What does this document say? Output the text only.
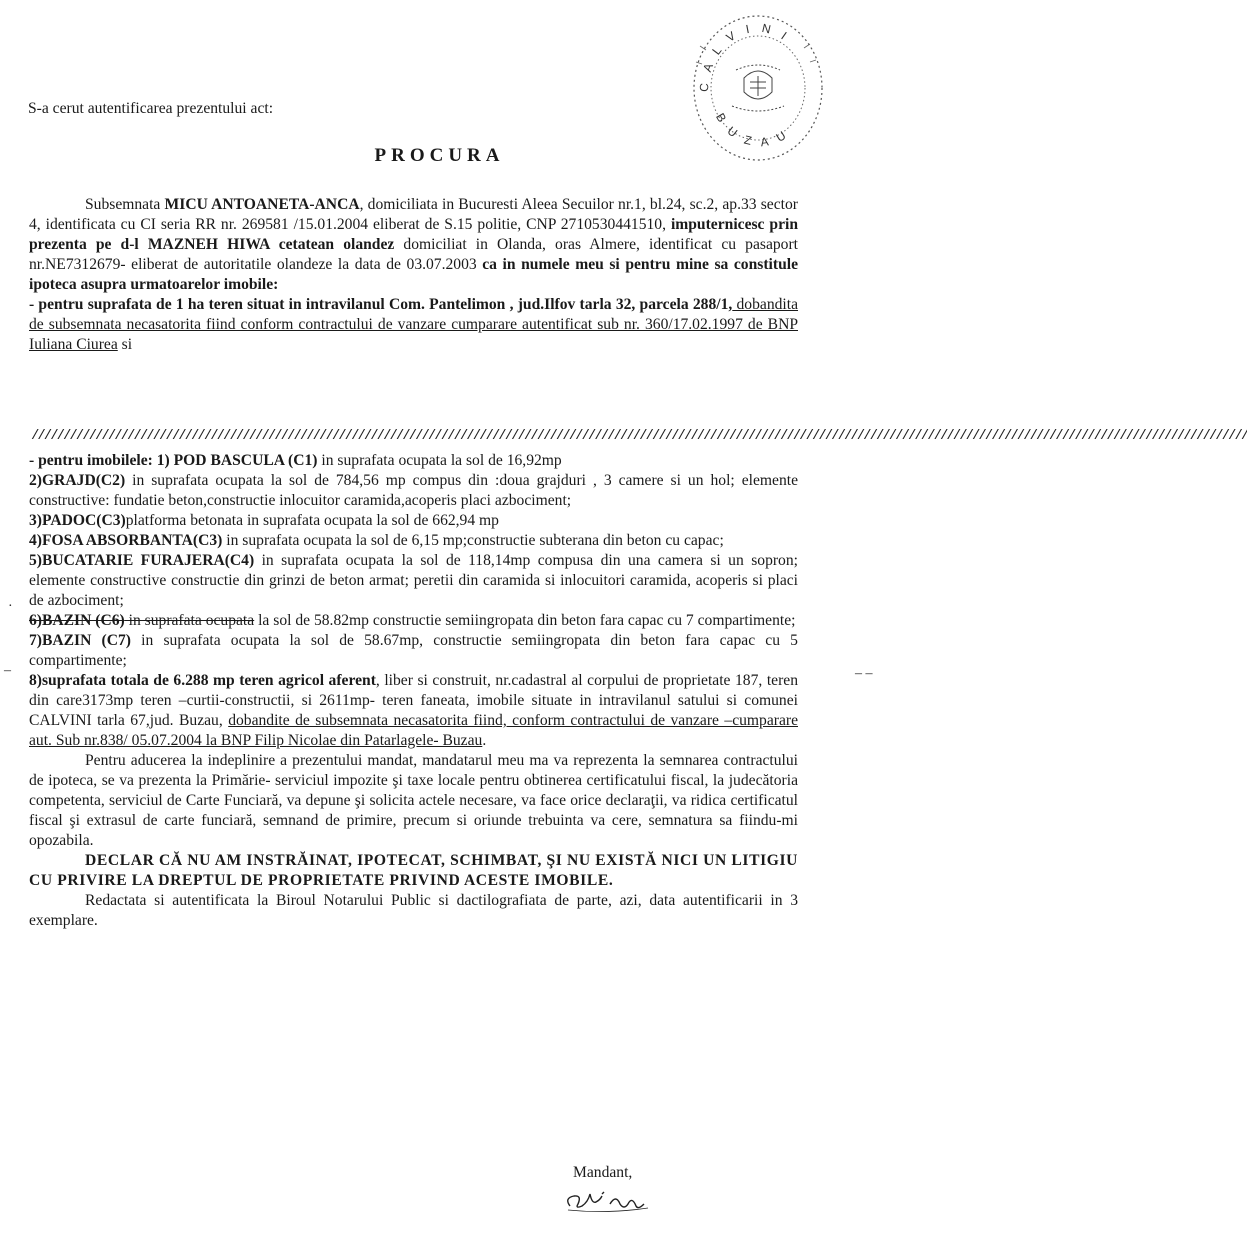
C A L V I N I
B U Z A U
S-a cerut autentificarea prezentului act:
PROCURA

Subsemnata MICU ANTOANETA-ANCA, domiciliata in Bucuresti Aleea Secuilor nr.1, bl.24, sc.2, ap.33 sector 4, identificata cu CI seria RR nr. 269581 /15.01.2004 eliberat de S.15 politie, CNP 2710530441510, imputernicesc prin prezenta pe d-l MAZNEH HIWA cetatean olandez domiciliat in Olanda, oras Almere, identificat cu pasaport nr.NE7312679- eliberat de autoritatile olandeze la data de 03.07.2003 ca in numele meu si pentru mine sa constitule ipoteca asupra urmatoarelor imobile:

- pentru suprafata de 1 ha teren situat in intravilanul Com. Pantelimon , jud.Ilfov tarla 32, parcela 288/1, dobandita de subsemnata necasatorita fiind conform contractului de vanzare cumparare autentificat sub nr. 360/17.02.1997 de BNP Iuliana Ciurea si

//////////////////////////////////////////////////////////////////////////////////////////////////////////////////////////////////////////////////////////////////////////////////////////////

- pentru imobilele: 1) POD BASCULA (C1) in suprafata ocupata la sol de 16,92mp

2)GRAJD(C2) in suprafata ocupata la sol de 784,56 mp compus din :doua grajduri , 3 camere si un hol; elemente constructive: fundatie beton,constructie inlocuitor caramida,acoperis placi azbociment;

3)PADOC(C3)platforma betonata in suprafata ocupata la sol de 662,94 mp

4)FOSA ABSORBANTA(C3) in suprafata ocupata la sol de 6,15 mp;constructie subterana din beton cu capac;

5)BUCATARIE FURAJERA(C4) in suprafata ocupata la sol de 118,14mp compusa din una camera si un sopron; elemente constructive constructie din grinzi de beton armat; peretii din caramida si inlocuitori caramida, acoperis si placi de azbociment;

6)BAZIN (C6) in suprafata ocupata la sol de 58.82mp constructie semiingropata din beton fara capac cu 7 compartimente;

7)BAZIN (C7) in suprafata ocupata la sol de 58.67mp, constructie semiingropata din beton fara capac cu 5 compartimente;

8)suprafata totala de 6.288 mp teren agricol aferent, liber si construit, nr.cadastral al corpului de proprietate 187, teren din care3173mp teren –curtii-constructii, si 2611mp- teren faneata, imobile situate in intravilanul satului si comunei CALVINI tarla 67,jud. Buzau, dobandite de subsemnata necasatorita fiind, conform contractului de vanzare –cumparare aut. Sub nr.838/ 05.07.2004 la BNP Filip Nicolae din Patarlagele- Buzau.

Pentru aducerea la indeplinire a prezentului mandat, mandatarul meu ma va reprezenta la semnarea contractului de ipoteca, se va prezenta la Primărie- serviciul impozite şi taxe locale pentru obtinerea certificatului fiscal, la judecătoria competenta, serviciul de Carte Funciară, va depune şi solicita actele necesare, va face orice declaraţii, va ridica certificatul fiscal şi extrasul de carte funciară, semnand de primire, precum si oriunde trebuinta va cere, semnatura sa fiindu-mi opozabila.

DECLAR CĂ NU AM INSTRĂINAT, IPOTECAT, SCHIMBAT, ŞI NU EXISTĂ NICI UN LITIGIU CU PRIVIRE LA DREPTUL DE PROPRIETATE PRIVIND ACESTE IMOBILE.

Redactata si autentificata la Biroul Notarului Public si dactilografiata de parte, azi, data autentificarii in 3 exemplare.

·
–	– –
Mandant,
